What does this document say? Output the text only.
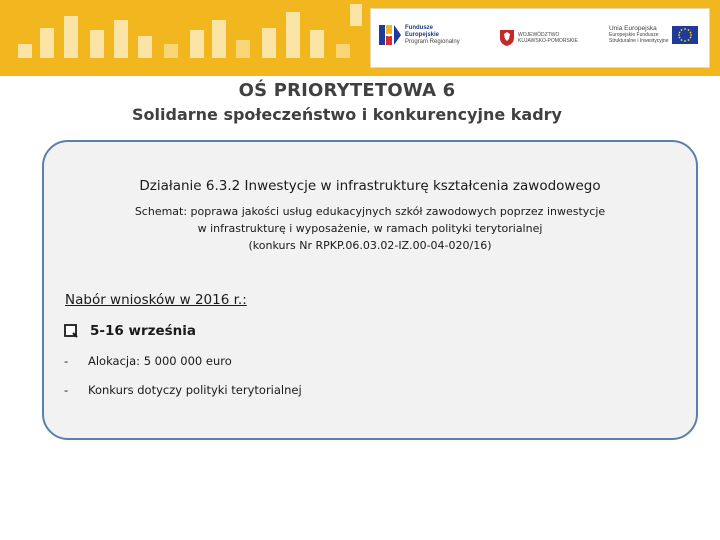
Fundusze
Europejskie
Program Regionalny
WOJEWÓDZTWO
KUJAWSKO-POMORSKIE
Unia Europejska
Europejskie Fundusze
Strukturalne i Inwestycyjne
OŚ PRIORYTETOWA 6
Solidarne społeczeństwo i konkurencyjne kadry

Działanie 6.3.2 Inwestycje w infrastrukturę kształcenia zawodowego

Schemat: poprawa jakości usług edukacyjnych szkół zawodowych poprzez inwestycje
w infrastrukturę i wyposażenie, w ramach polityki terytorialnej
(konkurs Nr RPKP.06.03.02-IZ.00-04-020/16)

Nabór wniosków w 2016 r.:

5-16 września
-	Alokacja: 5 000 000 euro
-	Konkurs dotyczy polityki terytorialnej
